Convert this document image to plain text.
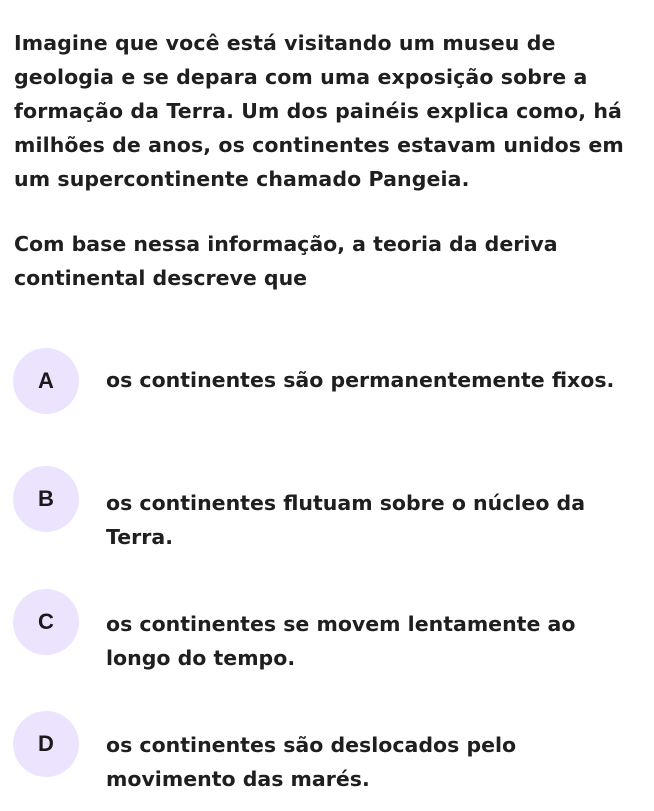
Imagine que você está visitando um museu de geologia e se depara com uma exposição sobre a formação da Terra. Um dos painéis explica como, há milhões de anos, os continentes estavam unidos em um supercontinente chamado Pangeia.

Com base nessa informação, a teoria da deriva continental descreve que

A	os continentes são permanentemente fixos.
B	os continentes flutuam sobre o núcleo da Terra.
C	os continentes se movem lentamente ao longo do tempo.
D	os continentes são deslocados pelo movimento das marés.
